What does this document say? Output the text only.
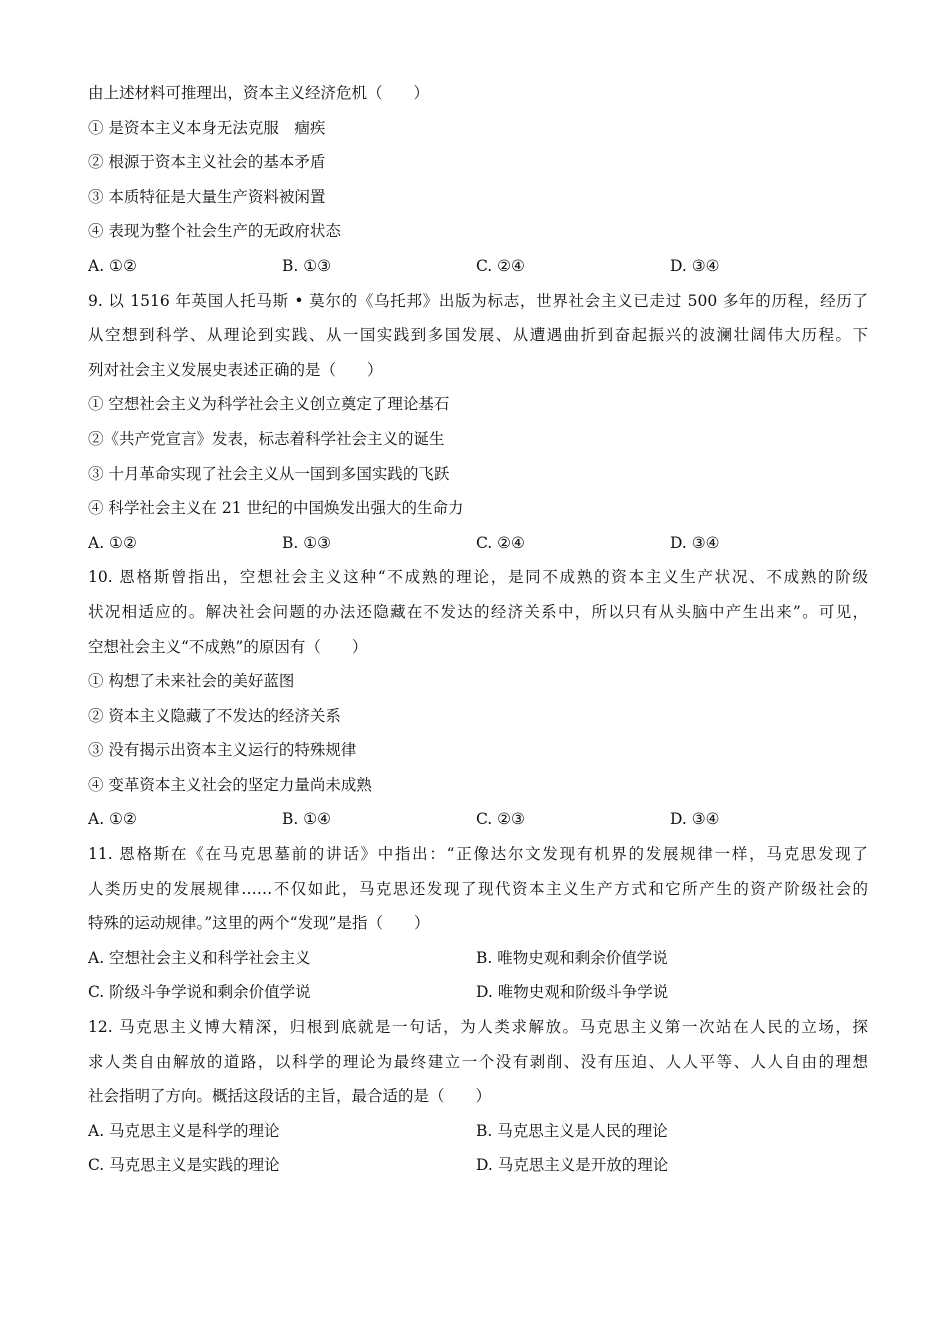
由上述材料可推理出，资本主义经济危机（　　）
① 是资本主义本身无法克服　痼疾
② 根源于资本主义社会的基本矛盾
③ 本质特征是大量生产资料被闲置
④ 表现为整个社会生产的无政府状态
A. ①②	B. ①③	C. ②④	D. ③④
9. 以 1516 年英国人托马斯 • 莫尔的《乌托邦》出版为标志，世界社会主义已走过 500 多年的历程，经历了
从空想到科学、从理论到实践、从一国实践到多国发展、从遭遇曲折到奋起振兴的波澜壮阔伟大历程。下
列对社会主义发展史表述正确的是（　　）
① 空想社会主义为科学社会主义创立奠定了理论基石
②《共产党宣言》发表，标志着科学社会主义的诞生
③ 十月革命实现了社会主义从一国到多国实践的飞跃
④ 科学社会主义在 21 世纪的中国焕发出强大的生命力
A. ①②	B. ①③	C. ②④	D. ③④
10. 恩格斯曾指出，空想社会主义这种“不成熟的理论，是同不成熟的资本主义生产状况、不成熟的阶级
状况相适应的。解决社会问题的办法还隐藏在不发达的经济关系中，所以只有从头脑中产生出来”。可见，
空想社会主义“不成熟”的原因有（　　）
① 构想了未来社会的美好蓝图
② 资本主义隐藏了不发达的经济关系
③ 没有揭示出资本主义运行的特殊规律
④ 变革资本主义社会的坚定力量尚未成熟
A. ①②	B. ①④	C. ②③	D. ③④
11. 恩格斯在《在马克思墓前的讲话》中指出：“正像达尔文发现有机界的发展规律一样，马克思发现了
人类历史的发展规律……不仅如此，马克思还发现了现代资本主义生产方式和它所产生的资产阶级社会的
特殊的运动规律。”这里的两个“发现”是指（　　）
A. 空想社会主义和科学社会主义	B. 唯物史观和剩余价值学说
C. 阶级斗争学说和剩余价值学说	D. 唯物史观和阶级斗争学说
12. 马克思主义博大精深，归根到底就是一句话，为人类求解放。马克思主义第一次站在人民的立场，探
求人类自由解放的道路，以科学的理论为最终建立一个没有剥削、没有压迫、人人平等、人人自由的理想
社会指明了方向。概括这段话的主旨，最合适的是（　　）
A. 马克思主义是科学的理论	B. 马克思主义是人民的理论
C. 马克思主义是实践的理论	D. 马克思主义是开放的理论
